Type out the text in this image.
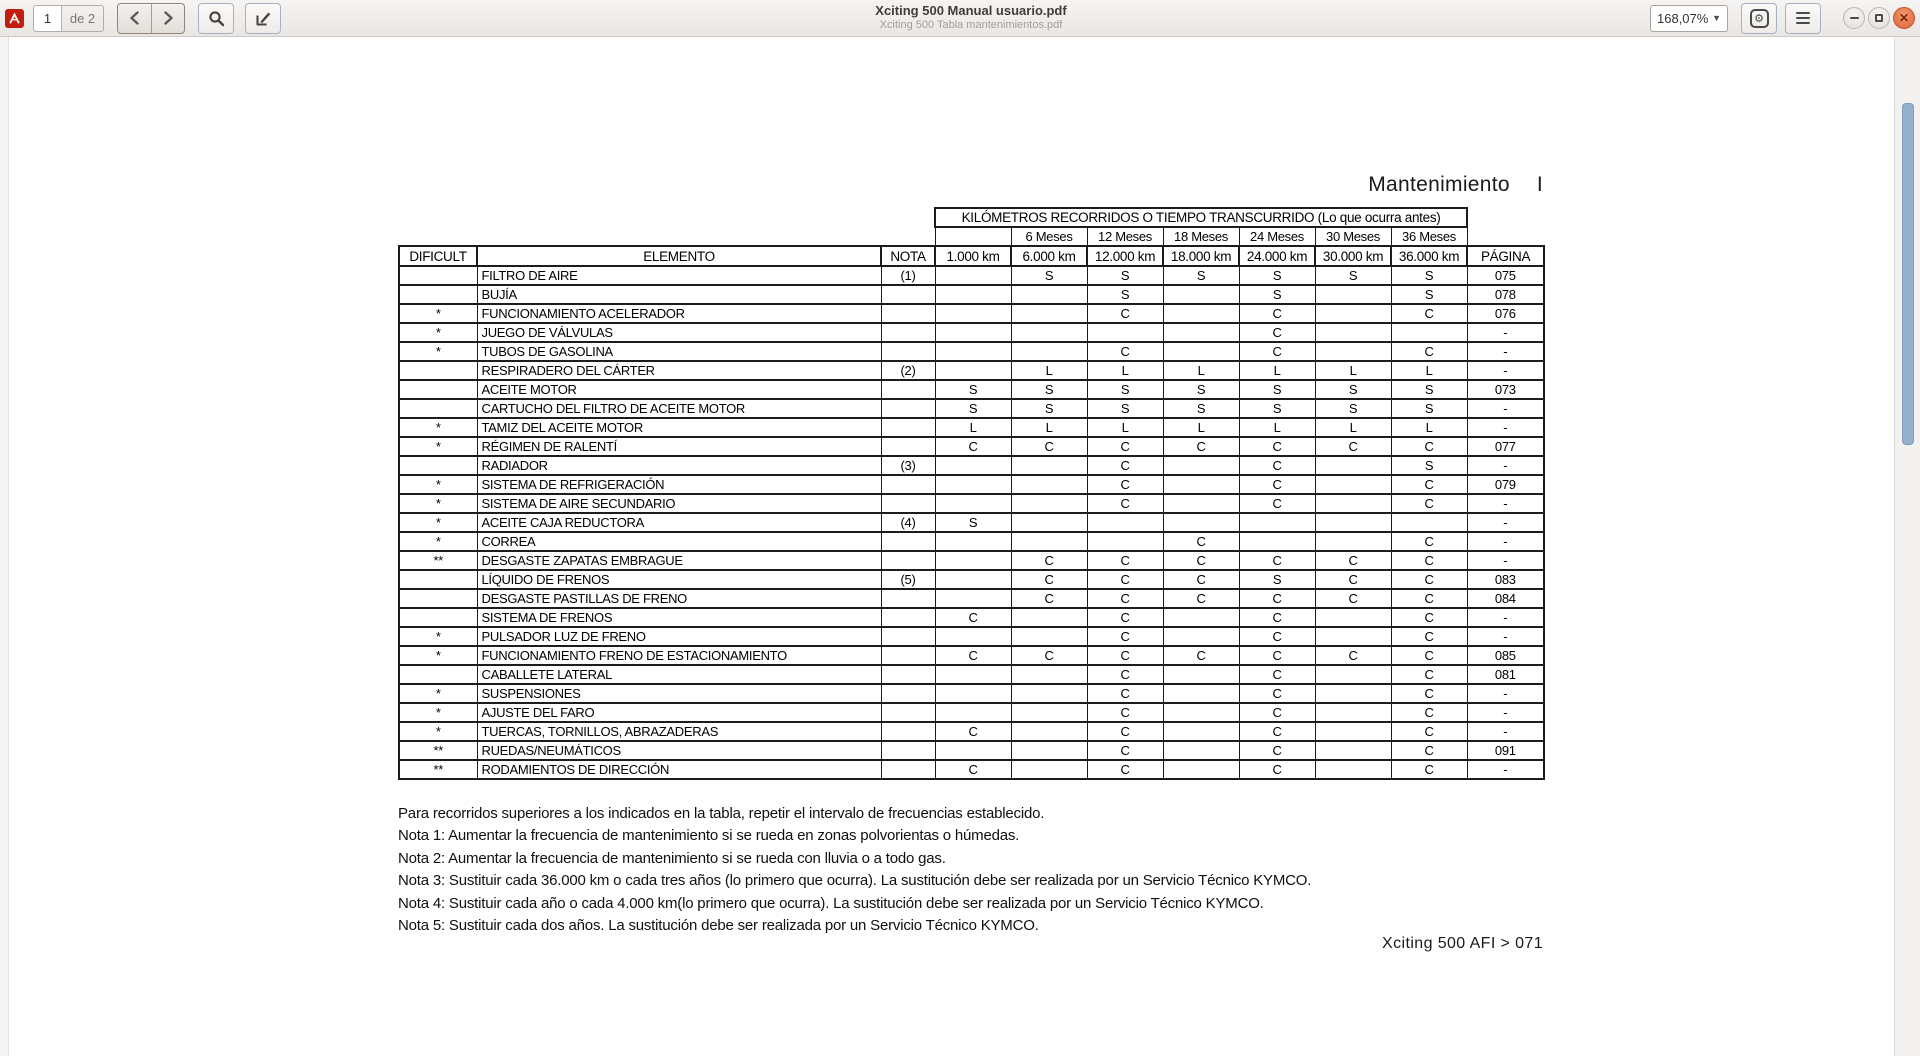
1
de 2	Xciting 500 Manual usuario.pdf
Xciting 500 Tabla mantenimientos.pdf	168,07% ▼	⚙	✕
Mantenimiento I
			KILÓMETROS RECORRIDOS O TIEMPO TRANSCURRIDO (Lo que ocurra antes)							
				6 Meses	12 Meses	18 Meses	24 Meses	30 Meses	36 Meses	
DIFICULT	ELEMENTO	NOTA	1.000 km	6.000 km	12.000 km	18.000 km	24.000 km	30.000 km	36.000 km	PÁGINA
	FILTRO DE AIRE	(1)		S	S	S	S	S	S	075
	BUJÍA				S		S		S	078
*	FUNCIONAMIENTO ACELERADOR				C		C		C	076
*	JUEGO DE VÁLVULAS						C			-
*	TUBOS DE GASOLINA				C		C		C	-
	RESPIRADERO DEL CÁRTER	(2)		L	L	L	L	L	L	-
	ACEITE MOTOR		S	S	S	S	S	S	S	073
	CARTUCHO DEL FILTRO DE ACEITE MOTOR		S	S	S	S	S	S	S	-
*	TAMIZ DEL ACEITE MOTOR		L	L	L	L	L	L	L	-
*	RÉGIMEN DE RALENTÍ		C	C	C	C	C	C	C	077
	RADIADOR	(3)			C		C		S	-
*	SISTEMA DE REFRIGERACIÓN				C		C		C	079
*	SISTEMA DE AIRE SECUNDARIO				C		C		C	-
*	ACEITE CAJA REDUCTORA	(4)	S							-
*	CORREA					C			C	-
**	DESGASTE ZAPATAS EMBRAGUE			C	C	C	C	C	C	-
	LÍQUIDO DE FRENOS	(5)		C	C	C	S	C	C	083
	DESGASTE PASTILLAS DE FRENO			C	C	C	C	C	C	084
	SISTEMA DE FRENOS		C		C		C		C	-
*	PULSADOR LUZ DE FRENO				C		C		C	-
*	FUNCIONAMIENTO FRENO DE ESTACIONAMIENTO		C	C	C	C	C	C	C	085
	CABALLETE LATERAL				C		C		C	081
*	SUSPENSIONES				C		C		C	-
*	AJUSTE DEL FARO				C		C		C	-
*	TUERCAS, TORNILLOS, ABRAZADERAS		C		C		C		C	-
**	RUEDAS/NEUMÁTICOS				C		C		C	091
**	RODAMIENTOS DE DIRECCIÓN		C		C		C		C	-
Para recorridos superiores a los indicados en la tabla, repetir el intervalo de frecuencias establecido.
Nota 1: Aumentar la frecuencia de mantenimiento si se rueda en zonas polvorientas o húmedas.
Nota 2: Aumentar la frecuencia de mantenimiento si se rueda con lluvia o a todo gas.
Nota 3: Sustituir cada 36.000 km o cada tres años (lo primero que ocurra). La sustitución debe ser realizada por un Servicio Técnico KYMCO.
Nota 4: Sustituir cada año o cada 4.000 km(lo primero que ocurra). La sustitución debe ser realizada por un Servicio Técnico KYMCO.
Nota 5: Sustituir cada dos años. La sustitución debe ser realizada por un Servicio Técnico KYMCO.
Xciting 500 AFI > 071
